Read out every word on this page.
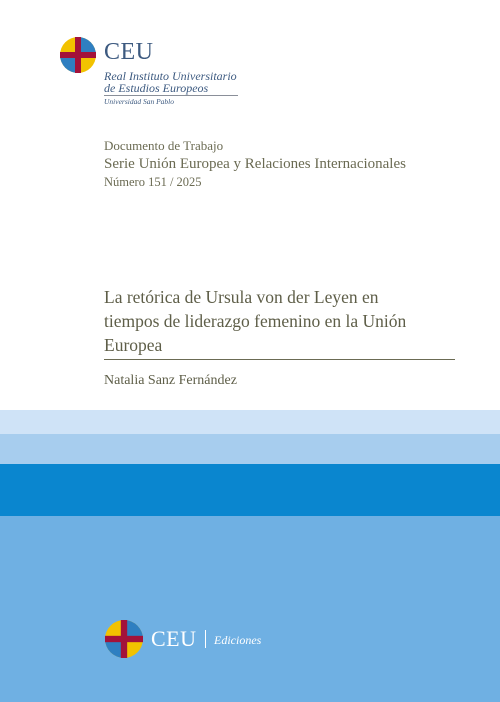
CEU
Real Instituto Universitario
de Estudios Europeos
Universidad San Pablo
Documento de Trabajo
Serie Unión Europea y Relaciones Internacionales
Número 151 / 2025
La retórica de Ursula von der Leyen en
tiempos de liderazgo femenino en la Unión
Europea
Natalia Sanz Fernández
CEU Ediciones
